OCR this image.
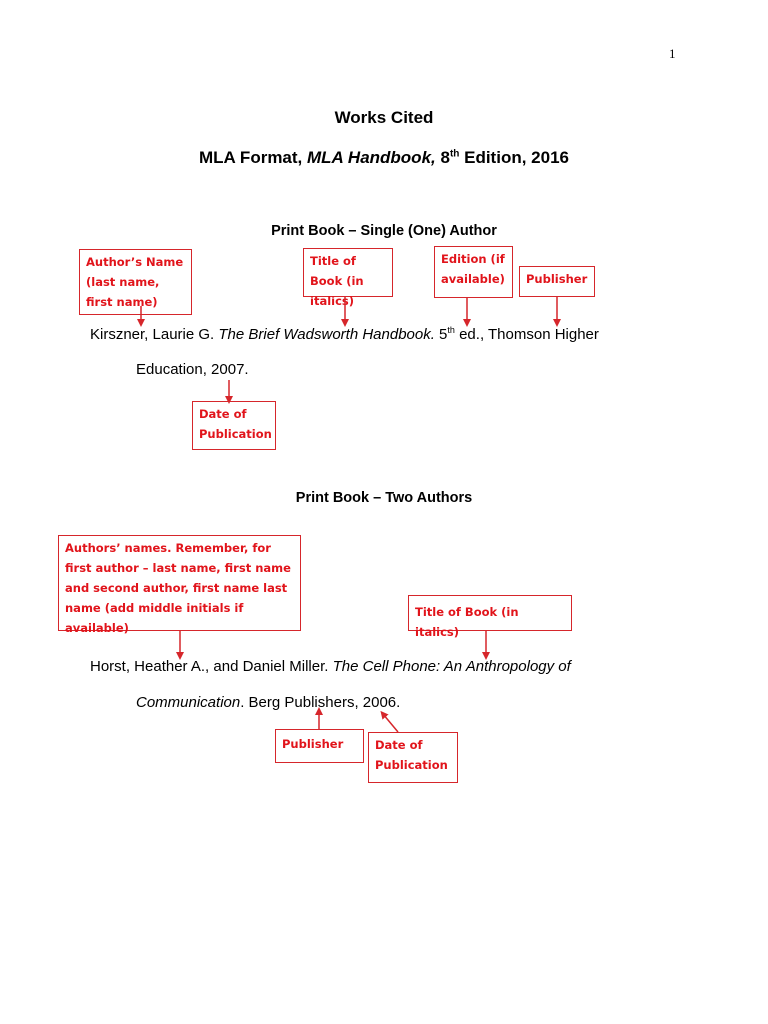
1
Works Cited
MLA Format, MLA Handbook, 8th Edition, 2016
Print Book – Single (One) Author
Author’s Name (last name, first name)
Title of Book (in italics)
Edition (if available)	Publisher
Kirszner, Laurie G. The Brief Wadsworth Handbook. 5th ed., Thomson Higher
Education, 2007.
Date of Publication
Print Book – Two Authors
Authors’ names. Remember, for first author – last name, first name and second author, first name last name (add middle initials if available)
Title of Book (in italics)
Horst, Heather A., and Daniel Miller. The Cell Phone: An Anthropology of
Communication. Berg Publishers, 2006.
Publisher	Date of Publication
